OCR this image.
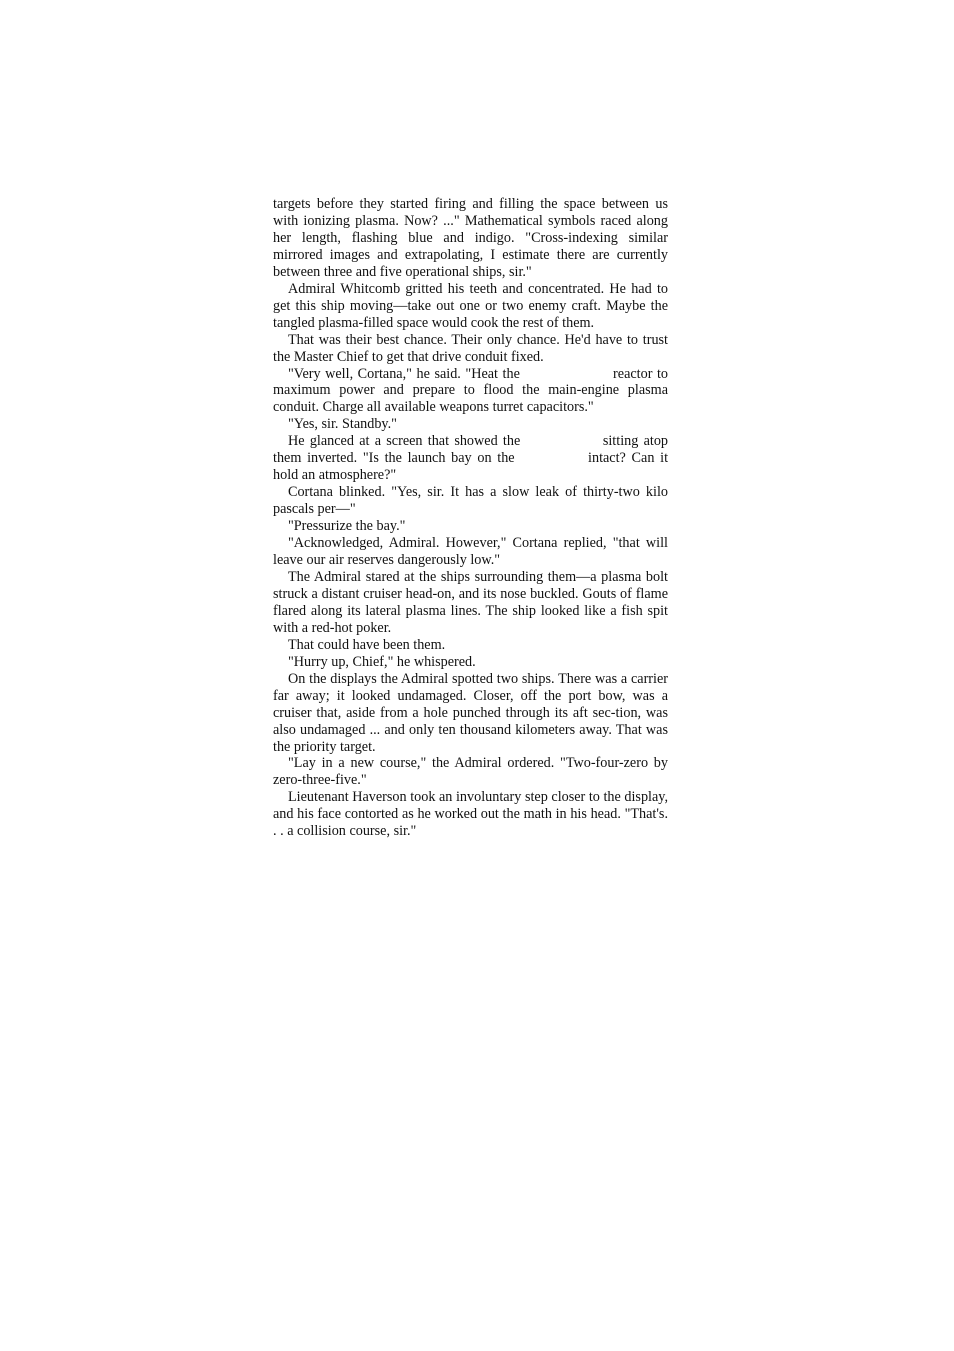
targets before they started firing and filling the space between us with ionizing plasma. Now? ..." Mathematical symbols raced along her length, flashing blue and indigo. "Cross-indexing similar mirrored images and extrapolating, I estimate there are currently between three and five operational ships, sir."

Admiral Whitcomb gritted his teeth and concentrated. He had to get this ship moving—take out one or two enemy craft. Maybe the tangled plasma-filled space would cook the rest of them.

That was their best chance. Their only chance. He'd have to trust the Master Chief to get that drive conduit fixed.

"Very well, Cortana," he said. "Heat the	reactor to maximum power and prepare to flood the main-engine plasma conduit. Charge all available weapons turret capacitors."

"Yes, sir. Standby."

He glanced at a screen that showed the	sitting atop them inverted. "Is the launch bay on the	intact? Can it hold an atmosphere?"

Cortana blinked. "Yes, sir. It has a slow leak of thirty-two kilo pascals per—"

"Pressurize the bay."

"Acknowledged, Admiral. However," Cortana replied, "that will leave our air reserves dangerously low."

The Admiral stared at the ships surrounding them—a plasma bolt struck a distant cruiser head-on, and its nose buckled. Gouts of flame flared along its lateral plasma lines. The ship looked like a fish spit with a red-hot poker.

That could have been them.

"Hurry up, Chief," he whispered.

On the displays the Admiral spotted two ships. There was a carrier far away; it looked undamaged. Closer, off the port bow, was a cruiser that, aside from a hole punched through its aft sec-tion, was also undamaged ... and only ten thousand kilometers away. That was the priority target.

"Lay in a new course," the Admiral ordered. "Two-four-zero by zero-three-five."

Lieutenant Haverson took an involuntary step closer to the display, and his face contorted as he worked out the math in his head. "That's. . . a collision course, sir."
